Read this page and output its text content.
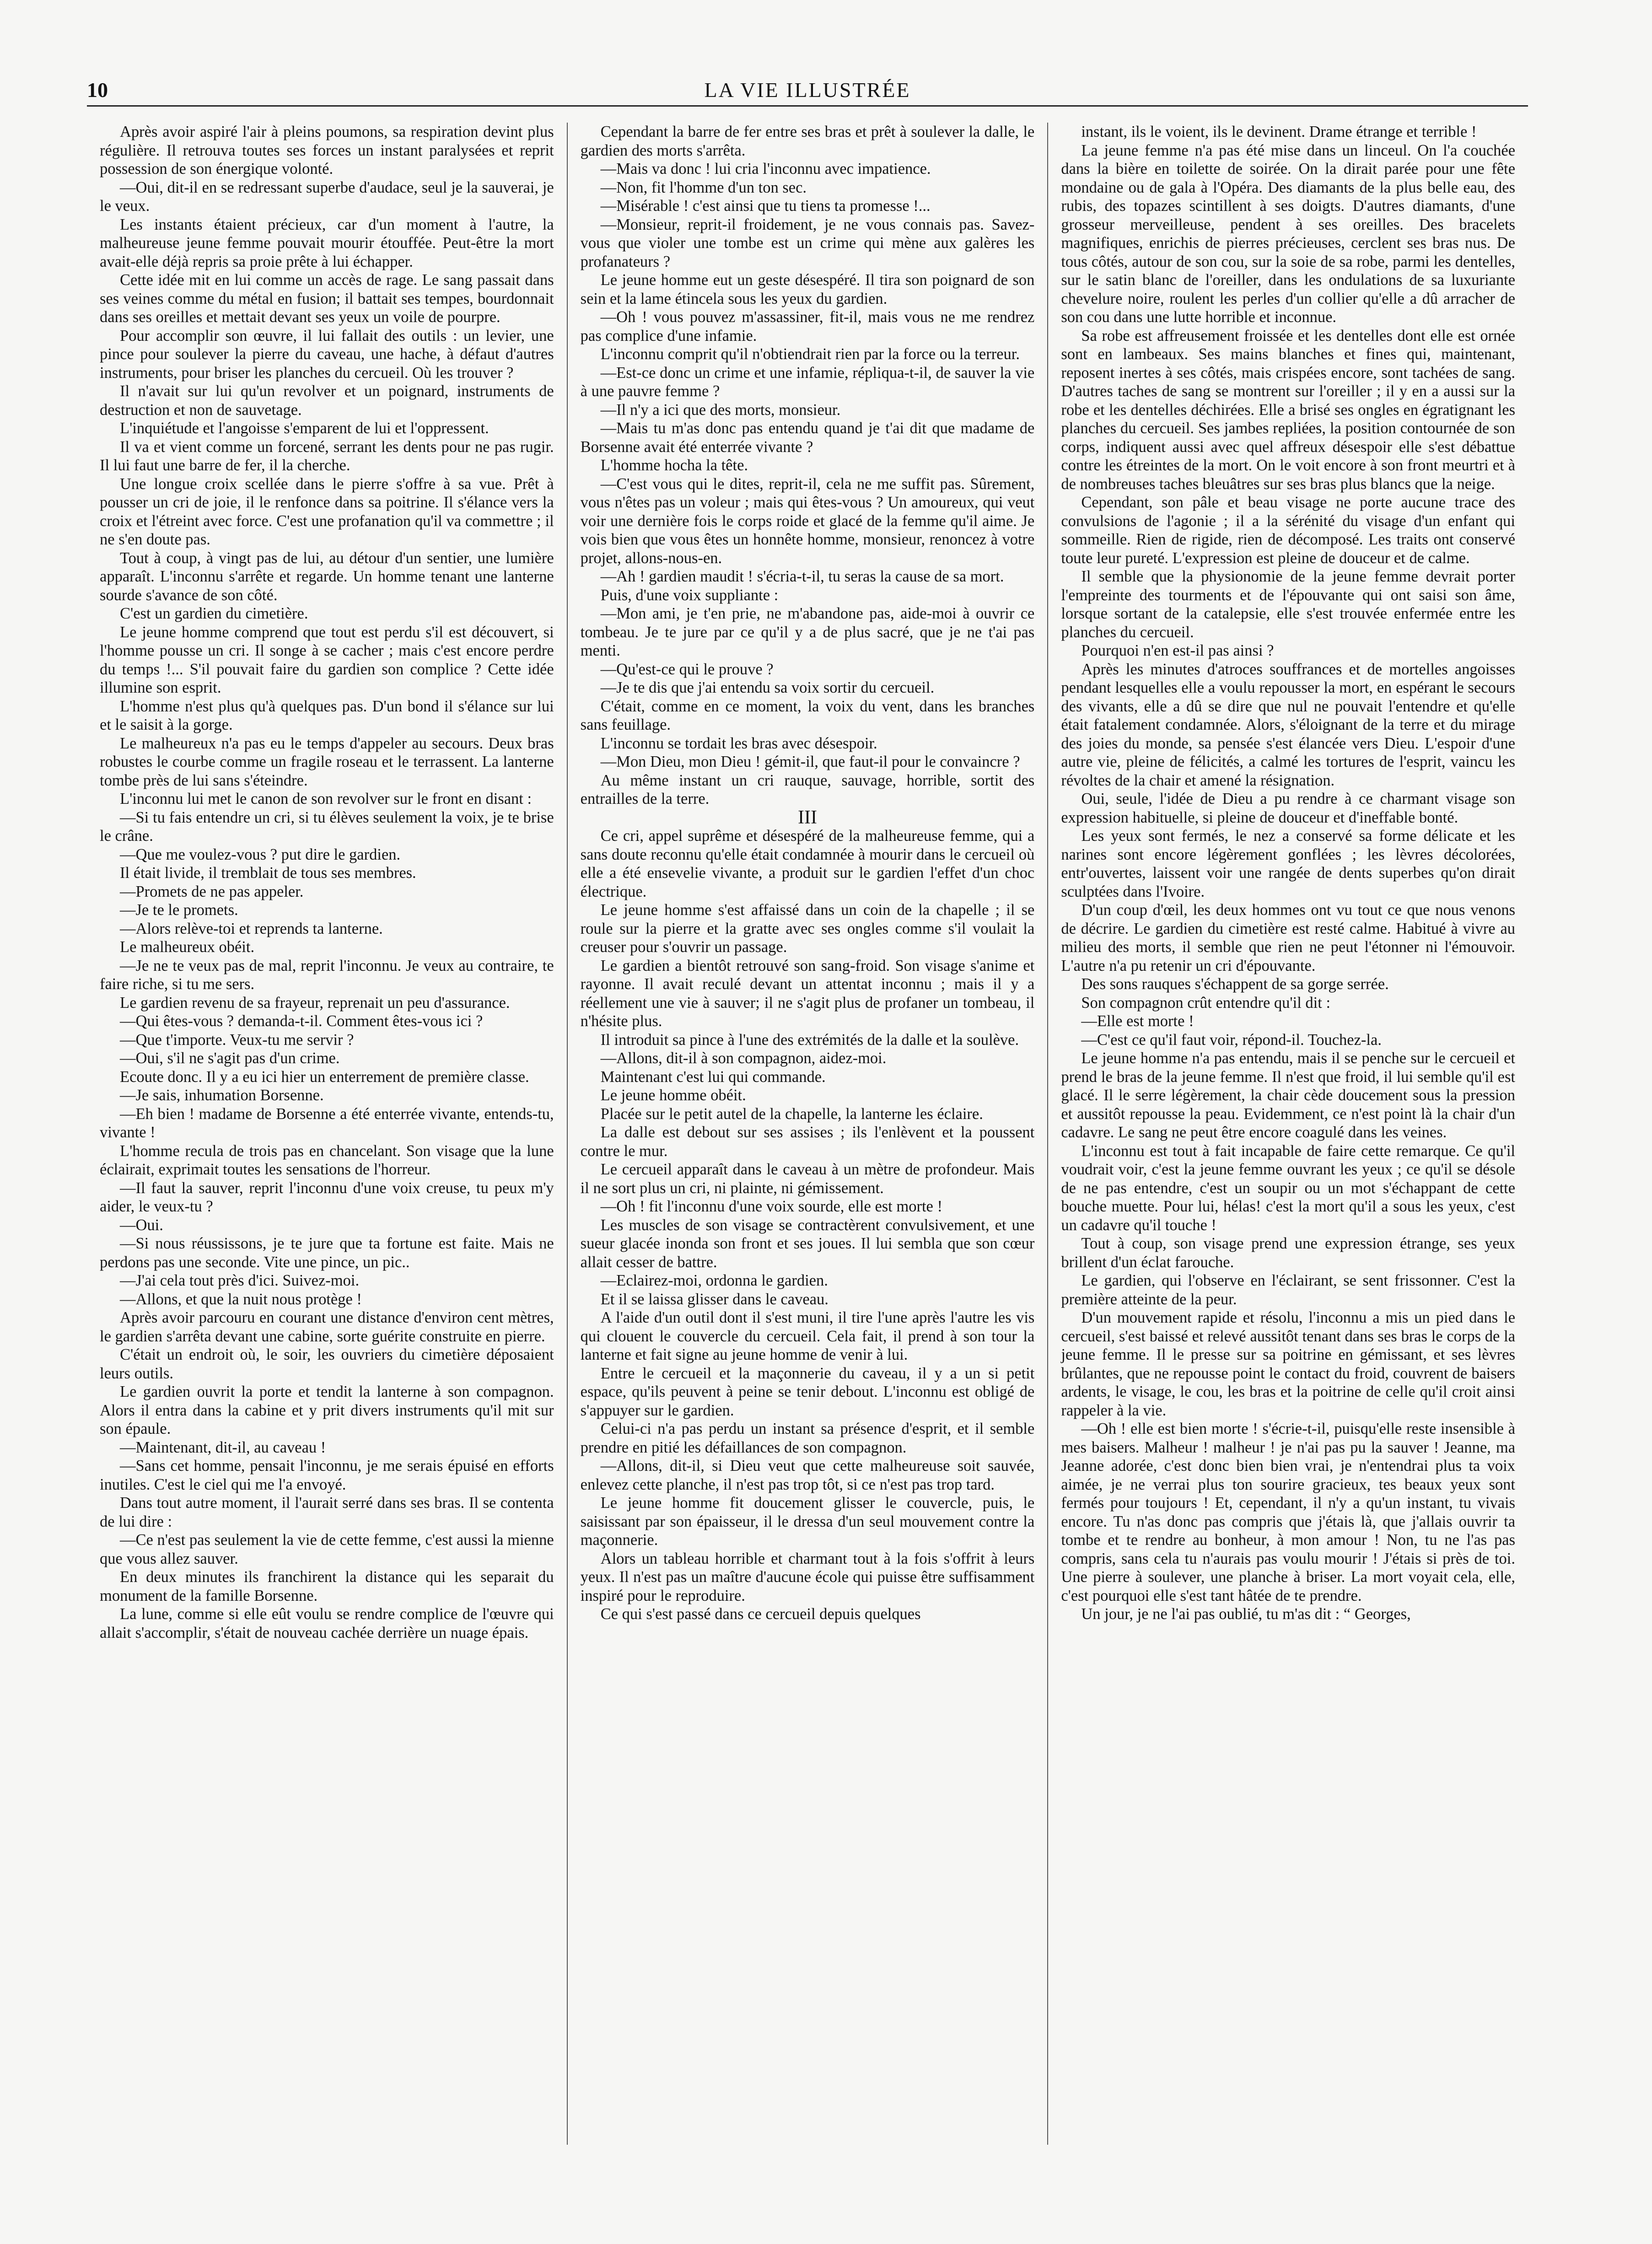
10	LA VIE ILLUSTRÉE

Après avoir aspiré l'air à pleins poumons, sa respiration devint plus régulière. Il retrouva toutes ses forces un instant paralysées et reprit possession de son énergique volonté.

—Oui, dit-il en se redressant superbe d'audace, seul je la sauverai, je le veux.

Les instants étaient précieux, car d'un moment à l'autre, la malheureuse jeune femme pouvait mourir étouffée. Peut-être la mort avait-elle déjà repris sa proie prête à lui échapper.

Cette idée mit en lui comme un accès de rage. Le sang passait dans ses veines comme du métal en fusion; il battait ses tempes, bourdonnait dans ses oreilles et mettait devant ses yeux un voile de pourpre.

Pour accomplir son œuvre, il lui fallait des outils : un levier, une pince pour soulever la pierre du caveau, une hache, à défaut d'autres instruments, pour briser les planches du cercueil. Où les trouver ?

Il n'avait sur lui qu'un revolver et un poignard, instruments de destruction et non de sauvetage.

L'inquiétude et l'angoisse s'emparent de lui et l'oppressent.

Il va et vient comme un forcené, serrant les dents pour ne pas rugir. Il lui faut une barre de fer, il la cherche.

Une longue croix scellée dans le pierre s'offre à sa vue. Prêt à pousser un cri de joie, il le renfonce dans sa poitrine. Il s'élance vers la croix et l'étreint avec force. C'est une profanation qu'il va commettre ; il ne s'en doute pas.

Tout à coup, à vingt pas de lui, au détour d'un sentier, une lumière apparaît. L'inconnu s'arrête et regarde. Un homme tenant une lanterne sourde s'avance de son côté.

C'est un gardien du cimetière.

Le jeune homme comprend que tout est perdu s'il est découvert, si l'homme pousse un cri. Il songe à se cacher ; mais c'est encore perdre du temps !... S'il pouvait faire du gardien son complice ? Cette idée illumine son esprit.

L'homme n'est plus qu'à quelques pas. D'un bond il s'élance sur lui et le saisit à la gorge.

Le malheureux n'a pas eu le temps d'appeler au secours. Deux bras robustes le courbe comme un fragile roseau et le terrassent. La lanterne tombe près de lui sans s'éteindre.

L'inconnu lui met le canon de son revolver sur le front en disant :

—Si tu fais entendre un cri, si tu élèves seulement la voix, je te brise le crâne.

—Que me voulez-vous ? put dire le gardien.

Il était livide, il tremblait de tous ses membres.

—Promets de ne pas appeler.

—Je te le promets.

—Alors relève-toi et reprends ta lanterne.

Le malheureux obéit.

—Je ne te veux pas de mal, reprit l'inconnu. Je veux au contraire, te faire riche, si tu me sers.

Le gardien revenu de sa frayeur, reprenait un peu d'assurance.

—Qui êtes-vous ? demanda-t-il. Comment êtes-vous ici ?

—Que t'importe. Veux-tu me servir ?

—Oui, s'il ne s'agit pas d'un crime.

Ecoute donc. Il y a eu ici hier un enterrement de première classe.

—Je sais, inhumation Borsenne.

—Eh bien ! madame de Borsenne a été enterrée vivante, entends-tu, vivante !

L'homme recula de trois pas en chancelant. Son visage que la lune éclairait, exprimait toutes les sensations de l'horreur.

—Il faut la sauver, reprit l'inconnu d'une voix creuse, tu peux m'y aider, le veux-tu ?

—Oui.

—Si nous réussissons, je te jure que ta fortune est faite. Mais ne perdons pas une seconde. Vite une pince, un pic..

—J'ai cela tout près d'ici. Suivez-moi.

—Allons, et que la nuit nous protège !

Après avoir parcouru en courant une distance d'environ cent mètres, le gardien s'arrêta devant une cabine, sorte guérite construite en pierre.

C'était un endroit où, le soir, les ouvriers du cimetière déposaient leurs outils.

Le gardien ouvrit la porte et tendit la lanterne à son compagnon. Alors il entra dans la cabine et y prit divers instruments qu'il mit sur son épaule.

—Maintenant, dit-il, au caveau !

—Sans cet homme, pensait l'inconnu, je me serais épuisé en efforts inutiles. C'est le ciel qui me l'a envoyé.

Dans tout autre moment, il l'aurait serré dans ses bras. Il se contenta de lui dire :

—Ce n'est pas seulement la vie de cette femme, c'est aussi la mienne que vous allez sauver.

En deux minutes ils franchirent la distance qui les separait du monument de la famille Borsenne.

La lune, comme si elle eût voulu se rendre complice de l'œuvre qui allait s'accomplir, s'était de nouveau cachée derrière un nuage épais.

Cependant la barre de fer entre ses bras et prêt à soulever la dalle, le gardien des morts s'arrêta.

—Mais va donc ! lui cria l'inconnu avec impatience.

—Non, fit l'homme d'un ton sec.

—Misérable ! c'est ainsi que tu tiens ta promesse !...

—Monsieur, reprit-il froidement, je ne vous connais pas. Savez-vous que violer une tombe est un crime qui mène aux galères les profanateurs ?

Le jeune homme eut un geste désespéré. Il tira son poignard de son sein et la lame étincela sous les yeux du gardien.

—Oh ! vous pouvez m'assassiner, fit-il, mais vous ne me rendrez pas complice d'une infamie.

L'inconnu comprit qu'il n'obtiendrait rien par la force ou la terreur.

—Est-ce donc un crime et une infamie, répliqua-t-il, de sauver la vie à une pauvre femme ?

—Il n'y a ici que des morts, monsieur.

—Mais tu m'as donc pas entendu quand je t'ai dit que madame de Borsenne avait été enterrée vivante ?

L'homme hocha la tête.

—C'est vous qui le dites, reprit-il, cela ne me suffit pas. Sûrement, vous n'êtes pas un voleur ; mais qui êtes-vous ? Un amoureux, qui veut voir une dernière fois le corps roide et glacé de la femme qu'il aime. Je vois bien que vous êtes un honnête homme, monsieur, renoncez à votre projet, allons-nous-en.

—Ah ! gardien maudit ! s'écria-t-il, tu seras la cause de sa mort.

Puis, d'une voix suppliante :

—Mon ami, je t'en prie, ne m'abandone pas, aide-moi à ouvrir ce tombeau. Je te jure par ce qu'il y a de plus sacré, que je ne t'ai pas menti.

—Qu'est-ce qui le prouve ?

—Je te dis que j'ai entendu sa voix sortir du cercueil.

C'était, comme en ce moment, la voix du vent, dans les branches sans feuillage.

L'inconnu se tordait les bras avec désespoir.

—Mon Dieu, mon Dieu ! gémit-il, que faut-il pour le convaincre ?

Au même instant un cri rauque, sauvage, horrible, sortit des entrailles de la terre.

III

Ce cri, appel suprême et désespéré de la malheureuse femme, qui a sans doute reconnu qu'elle était condamnée à mourir dans le cercueil où elle a été ensevelie vivante, a produit sur le gardien l'effet d'un choc électrique.

Le jeune homme s'est affaissé dans un coin de la chapelle ; il se roule sur la pierre et la gratte avec ses ongles comme s'il voulait la creuser pour s'ouvrir un passage.

Le gardien a bientôt retrouvé son sang-froid. Son visage s'anime et rayonne. Il avait reculé devant un attentat inconnu ; mais il y a réellement une vie à sauver; il ne s'agit plus de profaner un tombeau, il n'hésite plus.

Il introduit sa pince à l'une des extrémités de la dalle et la soulève.

—Allons, dit-il à son compagnon, aidez-moi.

Maintenant c'est lui qui commande.

Le jeune homme obéit.

Placée sur le petit autel de la chapelle, la lanterne les éclaire.

La dalle est debout sur ses assises ; ils l'enlèvent et la poussent contre le mur.

Le cercueil apparaît dans le caveau à un mètre de profondeur. Mais il ne sort plus un cri, ni plainte, ni gémissement.

—Oh ! fit l'inconnu d'une voix sourde, elle est morte !

Les muscles de son visage se contractèrent convulsivement, et une sueur glacée inonda son front et ses joues. Il lui sembla que son cœur allait cesser de battre.

—Eclairez-moi, ordonna le gardien.

Et il se laissa glisser dans le caveau.

A l'aide d'un outil dont il s'est muni, il tire l'une après l'autre les vis qui clouent le couvercle du cercueil. Cela fait, il prend à son tour la lanterne et fait signe au jeune homme de venir à lui.

Entre le cercueil et la maçonnerie du caveau, il y a un si petit espace, qu'ils peuvent à peine se tenir debout. L'inconnu est obligé de s'appuyer sur le gardien.

Celui-ci n'a pas perdu un instant sa présence d'esprit, et il semble prendre en pitié les défaillances de son compagnon.

—Allons, dit-il, si Dieu veut que cette malheureuse soit sauvée, enlevez cette planche, il n'est pas trop tôt, si ce n'est pas trop tard.

Le jeune homme fit doucement glisser le couvercle, puis, le saisissant par son épaisseur, il le dressa d'un seul mouvement contre la maçonnerie.

Alors un tableau horrible et charmant tout à la fois s'offrit à leurs yeux. Il n'est pas un maître d'aucune école qui puisse être suffisamment inspiré pour le reproduire.

Ce qui s'est passé dans ce cercueil depuis quelques

instant, ils le voient, ils le devinent. Drame étrange et terrible !

La jeune femme n'a pas été mise dans un linceul. On l'a couchée dans la bière en toilette de soirée. On la dirait parée pour une fête mondaine ou de gala à l'Opéra. Des diamants de la plus belle eau, des rubis, des topazes scintillent à ses doigts. D'autres diamants, d'une grosseur merveilleuse, pendent à ses oreilles. Des bracelets magnifiques, enrichis de pierres précieuses, cerclent ses bras nus. De tous côtés, autour de son cou, sur la soie de sa robe, parmi les dentelles, sur le satin blanc de l'oreiller, dans les ondulations de sa luxuriante chevelure noire, roulent les perles d'un collier qu'elle a dû arracher de son cou dans une lutte horrible et inconnue.

Sa robe est affreusement froissée et les dentelles dont elle est ornée sont en lambeaux. Ses mains blanches et fines qui, maintenant, reposent inertes à ses côtés, mais crispées encore, sont tachées de sang. D'autres taches de sang se montrent sur l'oreiller ; il y en a aussi sur la robe et les dentelles déchirées. Elle a brisé ses ongles en égratignant les planches du cercueil. Ses jambes repliées, la position contournée de son corps, indiquent aussi avec quel affreux désespoir elle s'est débattue contre les étreintes de la mort. On le voit encore à son front meurtri et à de nombreuses taches bleuâtres sur ses bras plus blancs que la neige.

Cependant, son pâle et beau visage ne porte aucune trace des convulsions de l'agonie ; il a la sérénité du visage d'un enfant qui sommeille. Rien de rigide, rien de décomposé. Les traits ont conservé toute leur pureté. L'expression est pleine de douceur et de calme.

Il semble que la physionomie de la jeune femme devrait porter l'empreinte des tourments et de l'épouvante qui ont saisi son âme, lorsque sortant de la catalepsie, elle s'est trouvée enfermée entre les planches du cercueil.

Pourquoi n'en est-il pas ainsi ?

Après les minutes d'atroces souffrances et de mortelles angoisses pendant lesquelles elle a voulu repousser la mort, en espérant le secours des vivants, elle a dû se dire que nul ne pouvait l'entendre et qu'elle était fatalement condamnée. Alors, s'éloignant de la terre et du mirage des joies du monde, sa pensée s'est élancée vers Dieu. L'espoir d'une autre vie, pleine de félicités, a calmé les tortures de l'esprit, vaincu les révoltes de la chair et amené la résignation.

Oui, seule, l'idée de Dieu a pu rendre à ce charmant visage son expression habituelle, si pleine de douceur et d'ineffable bonté.

Les yeux sont fermés, le nez a conservé sa forme délicate et les narines sont encore légèrement gonflées ; les lèvres décolorées, entr'ouvertes, laissent voir une rangée de dents superbes qu'on dirait sculptées dans l'Ivoire.

D'un coup d'œil, les deux hommes ont vu tout ce que nous venons de décrire. Le gardien du cimetière est resté calme. Habitué à vivre au milieu des morts, il semble que rien ne peut l'étonner ni l'émouvoir. L'autre n'a pu retenir un cri d'épouvante.

Des sons rauques s'échappent de sa gorge serrée.

Son compagnon crût entendre qu'il dit :

—Elle est morte !

—C'est ce qu'il faut voir, répond-il. Touchez-la.

Le jeune homme n'a pas entendu, mais il se penche sur le cercueil et prend le bras de la jeune femme. Il n'est que froid, il lui semble qu'il est glacé. Il le serre légèrement, la chair cède doucement sous la pression et aussitôt repousse la peau. Evidemment, ce n'est point là la chair d'un cadavre. Le sang ne peut être encore coagulé dans les veines.

L'inconnu est tout à fait incapable de faire cette remarque. Ce qu'il voudrait voir, c'est la jeune femme ouvrant les yeux ; ce qu'il se désole de ne pas entendre, c'est un soupir ou un mot s'échappant de cette bouche muette. Pour lui, hélas! c'est la mort qu'il a sous les yeux, c'est un cadavre qu'il touche !

Tout à coup, son visage prend une expression étrange, ses yeux brillent d'un éclat farouche.

Le gardien, qui l'observe en l'éclairant, se sent frissonner. C'est la première atteinte de la peur.

D'un mouvement rapide et résolu, l'inconnu a mis un pied dans le cercueil, s'est baissé et relevé aussitôt tenant dans ses bras le corps de la jeune femme. Il le presse sur sa poitrine en gémissant, et ses lèvres brûlantes, que ne repousse point le contact du froid, couvrent de baisers ardents, le visage, le cou, les bras et la poitrine de celle qu'il croit ainsi rappeler à la vie.

—Oh ! elle est bien morte ! s'écrie-t-il, puisqu'elle reste insensible à mes baisers. Malheur ! malheur ! je n'ai pas pu la sauver ! Jeanne, ma Jeanne adorée, c'est donc bien bien vrai, je n'entendrai plus ta voix aimée, je ne verrai plus ton sourire gracieux, tes beaux yeux sont fermés pour toujours ! Et, cependant, il n'y a qu'un instant, tu vivais encore. Tu n'as donc pas compris que j'étais là, que j'allais ouvrir ta tombe et te rendre au bonheur, à mon amour ! Non, tu ne l'as pas compris, sans cela tu n'aurais pas voulu mourir ! J'étais si près de toi. Une pierre à soulever, une planche à briser. La mort voyait cela, elle, c'est pourquoi elle s'est tant hâtée de te prendre.

Un jour, je ne l'ai pas oublié, tu m'as dit : “ Georges,
